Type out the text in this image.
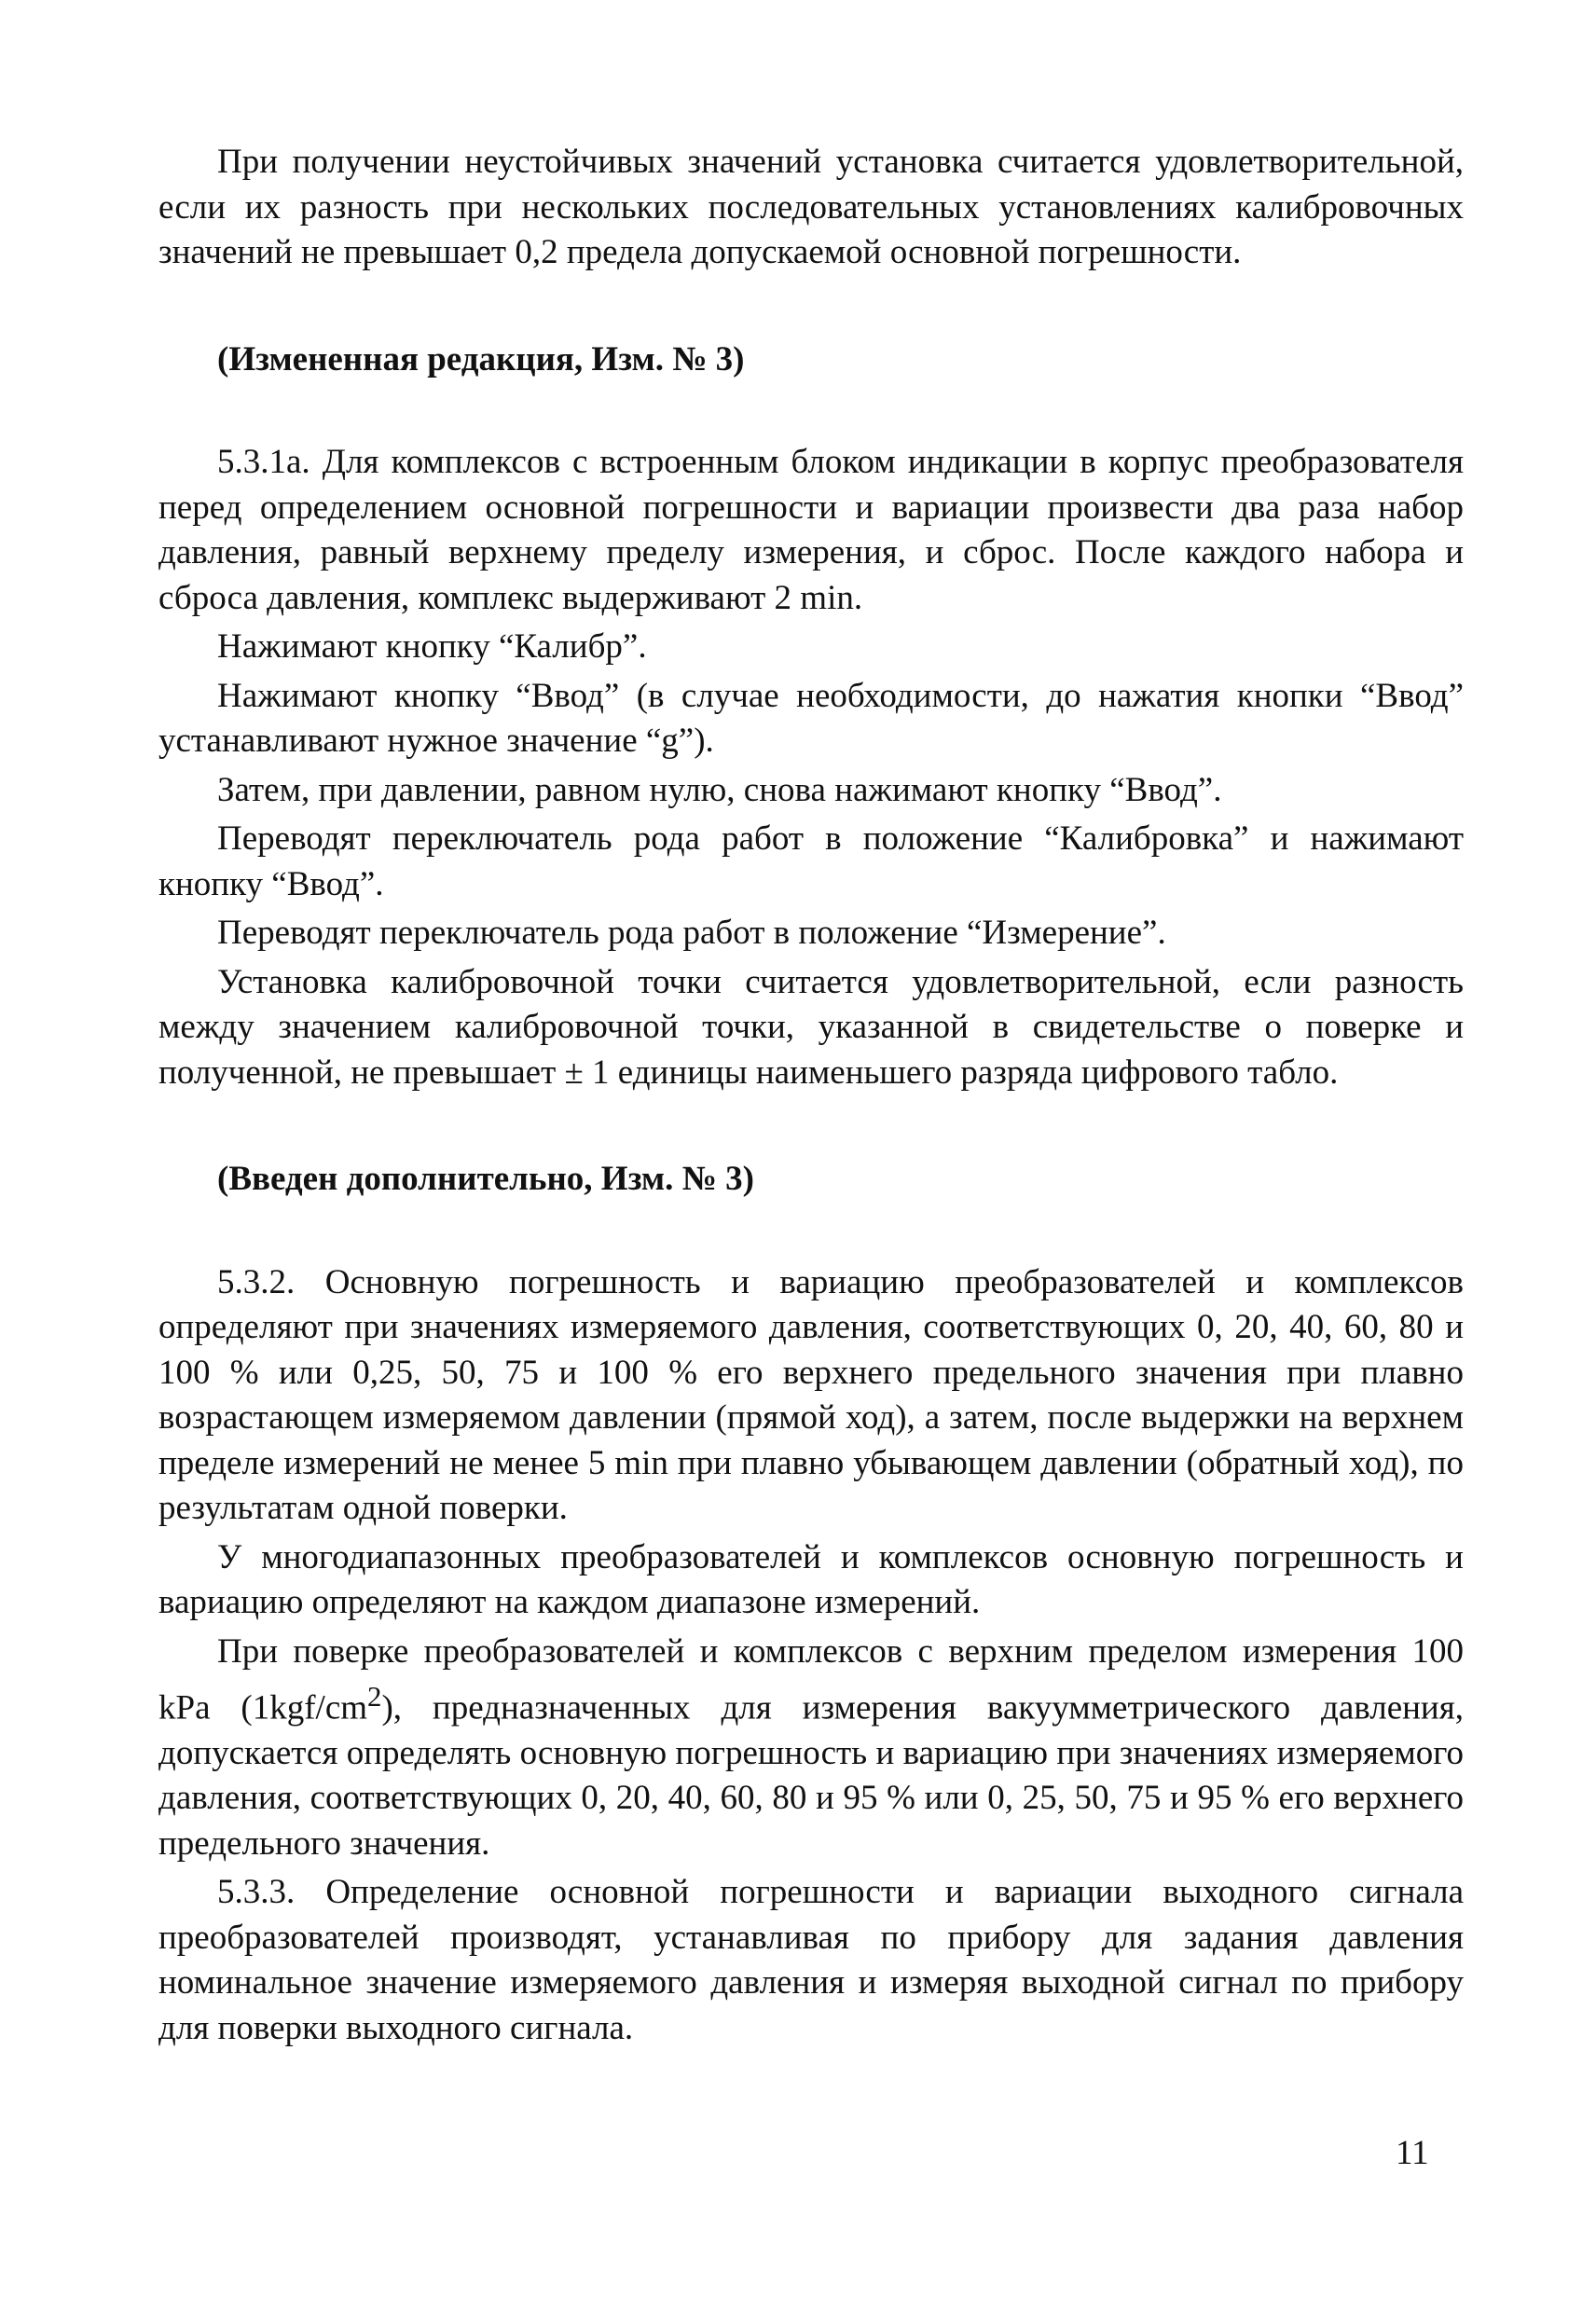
При получении неустойчивых значений установка считается удовлетворительной, если их разность при нескольких последовательных установлениях калибровочных значений не превышает 0,2 предела допускаемой основной погрешности.

(Измененная редакция, Изм. № 3)

5.3.1а. Для комплексов с встроенным блоком индикации в корпус преобразователя перед определением основной погрешности и вариации произвести два раза набор давления, равный верхнему пределу измерения, и сброс. После каждого набора и сброса давления, комплекс выдерживают 2 min.

Нажимают кнопку “Калибр”.

Нажимают кнопку “Ввод” (в случае необходимости, до нажатия кнопки “Ввод” устанавливают нужное значение “g”).

Затем, при давлении, равном нулю, снова нажимают кнопку “Ввод”.

Переводят переключатель рода работ в положение “Калибровка” и нажимают кнопку “Ввод”.

Переводят переключатель рода работ в положение “Измерение”.

Установка калибровочной точки считается удовлетворительной, если разность между значением калибровочной точки, указанной в свидетельстве о поверке и полученной, не превышает ± 1 единицы наименьшего разряда цифрового табло.

(Введен дополнительно, Изм. № 3)

5.3.2. Основную погрешность и вариацию преобразователей и комплексов определяют при значениях измеряемого давления, соответствующих 0, 20, 40, 60, 80 и 100 % или 0,25, 50, 75 и 100 % его верхнего предельного значения при плавно возрастающем измеряемом давлении (прямой ход), а затем, после выдержки на верхнем пределе измерений не менее 5 min при плавно убывающем давлении (обратный ход), по результатам одной поверки.

У многодиапазонных преобразователей и комплексов основную погрешность и вариацию определяют на каждом диапазоне измерений.

При поверке преобразователей и комплексов с верхним пределом измерения 100 kPa $(1kgf/cm^2)$, предназначенных для измерения вакуумметрического давления, допускается определять основную погрешность и вариацию при значениях измеряемого давления, соответствующих 0, 20, 40, 60, 80 и 95 % или 0, 25, 50, 75 и 95 % его верхнего предельного значения.

5.3.3. Определение основной погрешности и вариации выходного сигнала преобразователей производят, устанавливая по прибору для задания давления номинальное значение измеряемого давления и измеряя выходной сигнал по прибору для поверки выходного сигнала.

11
